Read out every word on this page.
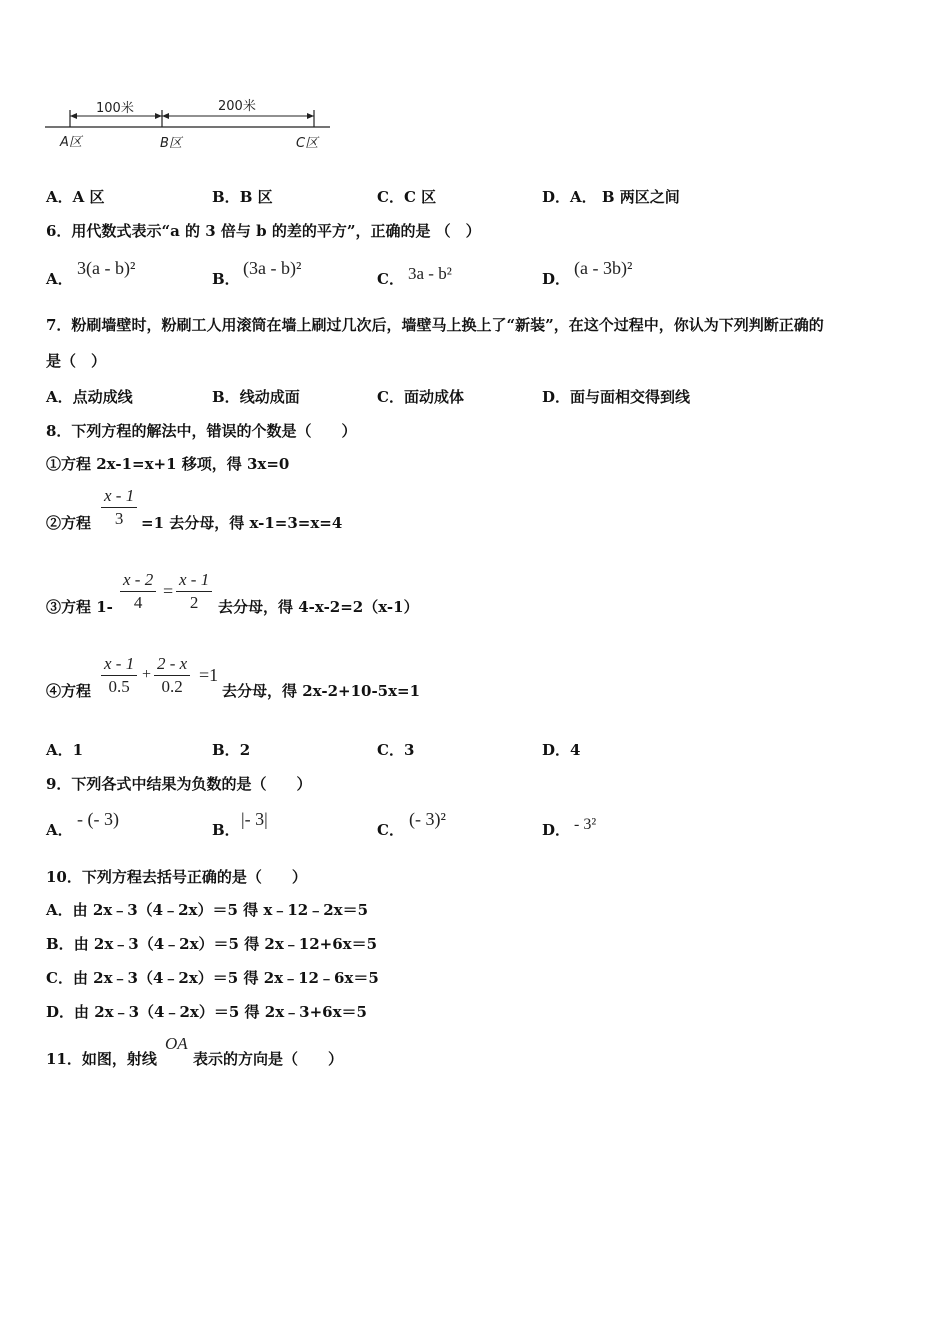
100米	200米
A区	B区	C区
A．A 区	B．B 区	C．C 区	D．A． B 两区之间
6．用代数式表示“a 的 3 倍与 b 的差的平方”，正确的是 （　）
A．
3(a - b)²
B．
(3a - b)²
C． 3a - b²	D．
(a - 3b)²
7．粉刷墙壁时，粉刷工人用滚筒在墙上刷过几次后，墙壁马上换上了“新装”，在这个过程中，你认为下列判断正确的
是（　）
A．点动成线	B．线动成面	C．面动成体	D．面与面相交得到线
8．下列方程的解法中，错误的个数是（　　）
①方程 2x-1=x+1 移项，得 3x=0
②方程 $\frac{x - 1}{3} =1$ 去分母，得 x-1=3=x=4
③方程 $1- \frac{x - 2}{4} = \frac{x - 1}{2}$ 去分母，得 4-x-2=2（x-1）
④方程 $\frac{x - 1}{0.5} + \frac{2 - x}{0.2} =1$
去分母，得 2x-2+10-5x=1
A．1	B．2	C．3	D．4
9．下列各式中结果为负数的是（　　）
A．
- (- 3)
B．
|- 3|
C．
(- 3)²
D． - 3²
10．下列方程去括号正确的是（　　）
A．由 2x﹣3（4﹣2x）＝5 得 x﹣12﹣2x＝5
B．由 2x﹣3（4﹣2x）＝5 得 2x﹣12+6x＝5
C．由 2x﹣3（4﹣2x）＝5 得 2x﹣12﹣6x＝5
D．由 2x﹣3（4﹣2x）＝5 得 2x﹣3+6x＝5
11．如图，射线
OA
表示的方向是（　　）
